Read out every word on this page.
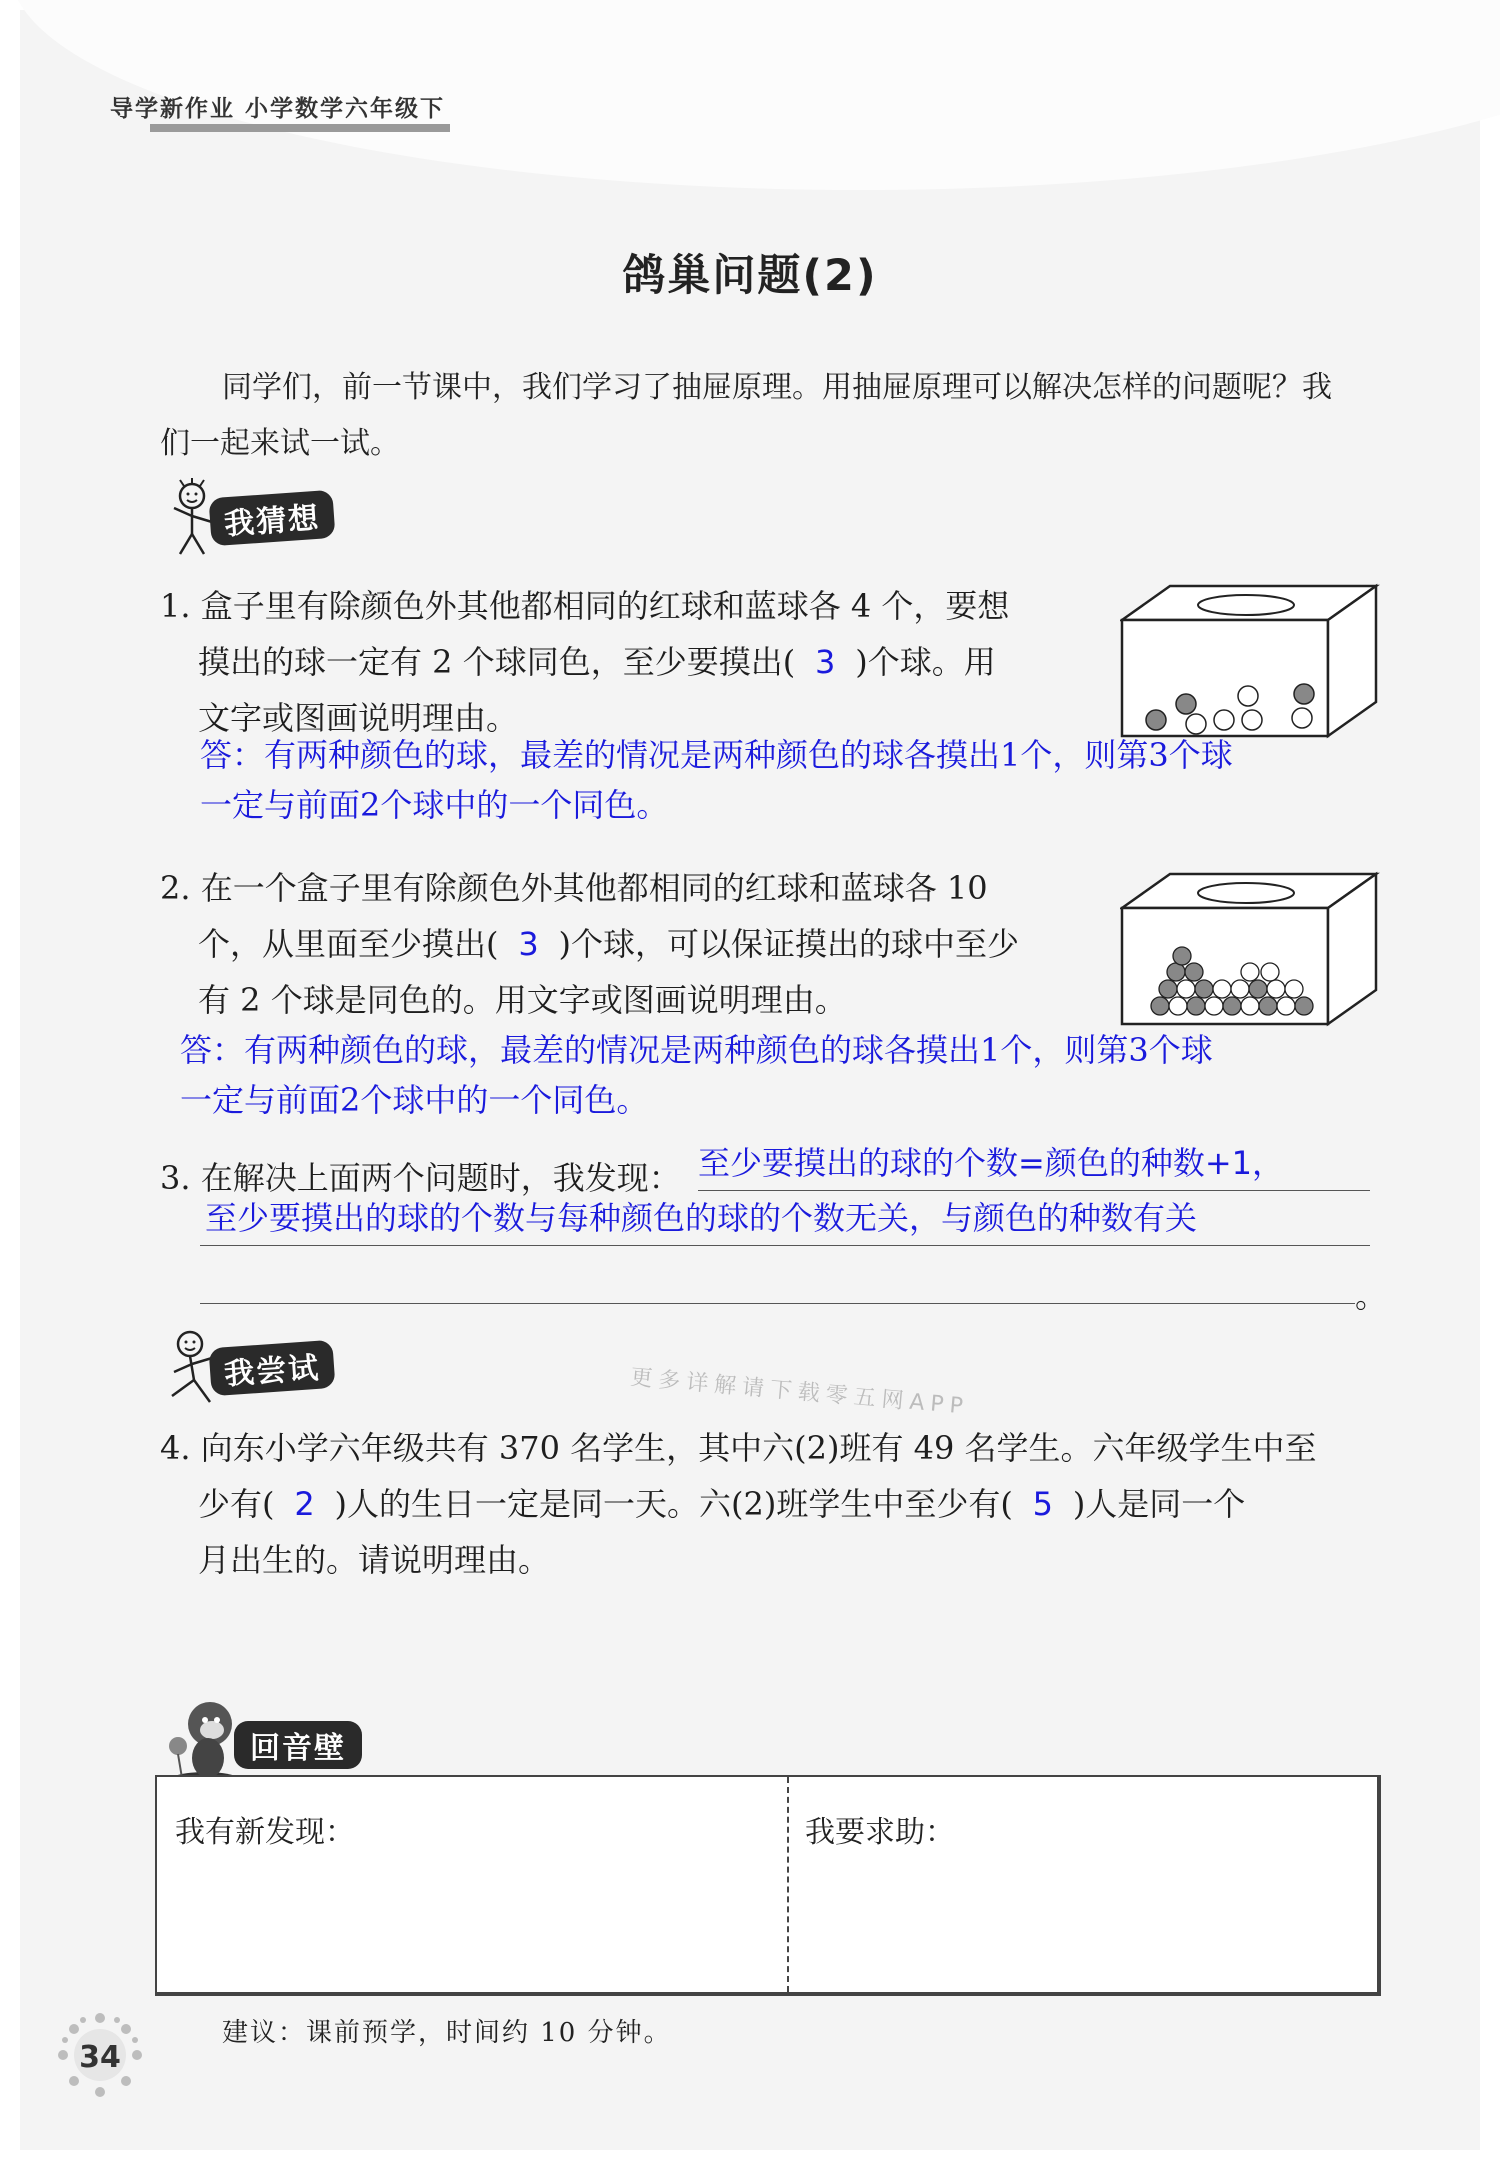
导学新作业 小学数学六年级下
鸽巢问题(2)
同学们，前一节课中，我们学习了抽屉原理。用抽屉原理可以解决怎样的问题呢？我们一起来试一试。
我猜想
1. 盒子里有除颜色外其他都相同的红球和蓝球各 4 个，要想
摸出的球一定有 2 个球同色，至少要摸出( 3 )个球。用
文字或图画说明理由。
答：有两种颜色的球，最差的情况是两种颜色的球各摸出1个，则第3个球
一定与前面2个球中的一个同色。
2. 在一个盒子里有除颜色外其他都相同的红球和蓝球各 10
个，从里面至少摸出( 3 )个球，可以保证摸出的球中至少
有 2 个球是同色的。用文字或图画说明理由。
答：有两种颜色的球，最差的情况是两种颜色的球各摸出1个，则第3个球
一定与前面2个球中的一个同色。
3. 在解决上面两个问题时，我发现： 至少要摸出的球的个数=颜色的种数+1，
至少要摸出的球的个数与每种颜色的球的个数无关，与颜色的种数有关
。
我尝试	更多详解请下载零五网APP
4. 向东小学六年级共有 370 名学生，其中六(2)班有 49 名学生。六年级学生中至
少有( 2 )人的生日一定是同一天。六(2)班学生中至少有( 5 )人是同一个
月出生的。请说明理由。
回音壁
我有新发现：	我要求助：
建议：课前预学，时间约 10 分钟。
34
